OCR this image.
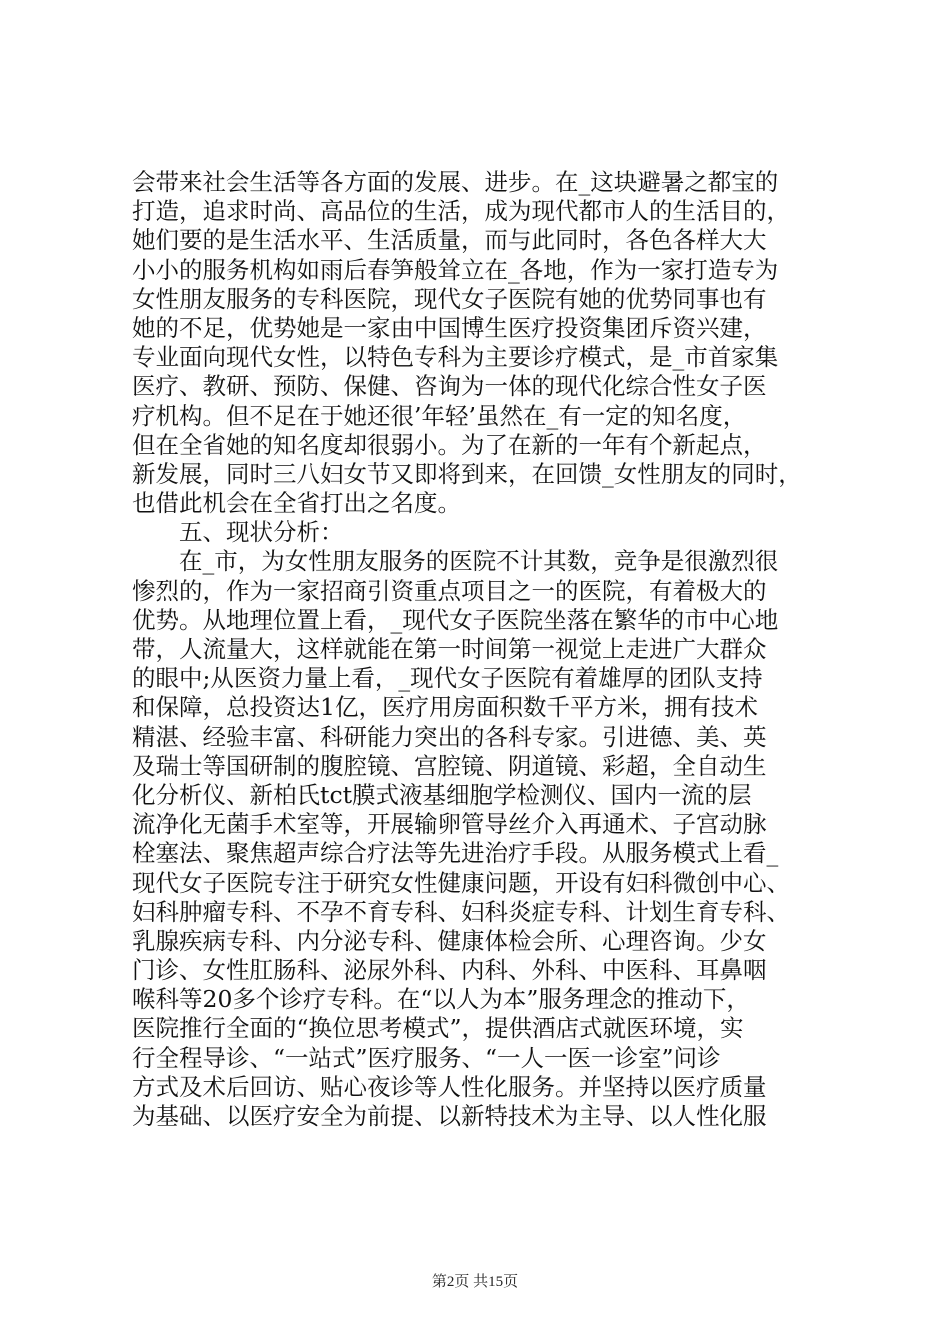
会带来社会生活等各方面的发展、进步。在_这块避暑之都宝的
打造，追求时尚、高品位的生活，成为现代都市人的生活目的，
她们要的是生活水平、生活质量，而与此同时，各色各样大大
小小的服务机构如雨后春笋般耸立在_各地，作为一家打造专为
女性朋友服务的专科医院，现代女子医院有她的优势同事也有
她的不足，优势她是一家由中国博生医疗投资集团斥资兴建，
专业面向现代女性，以特色专科为主要诊疗模式，是_市首家集
医疗、教研、预防、保健、咨询为一体的现代化综合性女子医
疗机构。但不足在于她还很’年轻’虽然在_有一定的知名度，
但在全省她的知名度却很弱小。为了在新的一年有个新起点，
新发展，同时三八妇女节又即将到来，在回馈_女性朋友的同时，
也借此机会在全省打出之名度。
　　五、现状分析：
　　在_市，为女性朋友服务的医院不计其数，竞争是很激烈很
惨烈的，作为一家招商引资重点项目之一的医院，有着极大的
优势。从地理位置上看，_现代女子医院坐落在繁华的市中心地
带，人流量大，这样就能在第一时间第一视觉上走进广大群众
的眼中;从医资力量上看，_现代女子医院有着雄厚的团队支持
和保障，总投资达1亿，医疗用房面积数千平方米，拥有技术
精湛、经验丰富、科研能力突出的各科专家。引进德、美、英
及瑞士等国研制的腹腔镜、宫腔镜、阴道镜、彩超，全自动生
化分析仪、新柏氏tct膜式液基细胞学检测仪、国内一流的层
流净化无菌手术室等，开展输卵管导丝介入再通术、子宫动脉
栓塞法、聚焦超声综合疗法等先进治疗手段。从服务模式上看_
现代女子医院专注于研究女性健康问题，开设有妇科微创中心、
妇科肿瘤专科、不孕不育专科、妇科炎症专科、计划生育专科、
乳腺疾病专科、内分泌专科、健康体检会所、心理咨询。少女
门诊、女性肛肠科、泌尿外科、内科、外科、中医科、耳鼻咽
喉科等20多个诊疗专科。在“以人为本”服务理念的推动下，
医院推行全面的“换位思考模式”，提供酒店式就医环境，实
行全程导诊、“一站式”医疗服务、“一人一医一诊室”问诊
方式及术后回访、贴心夜诊等人性化服务。并坚持以医疗质量
为基础、以医疗安全为前提、以新特技术为主导、以人性化服
第2页 共15页
